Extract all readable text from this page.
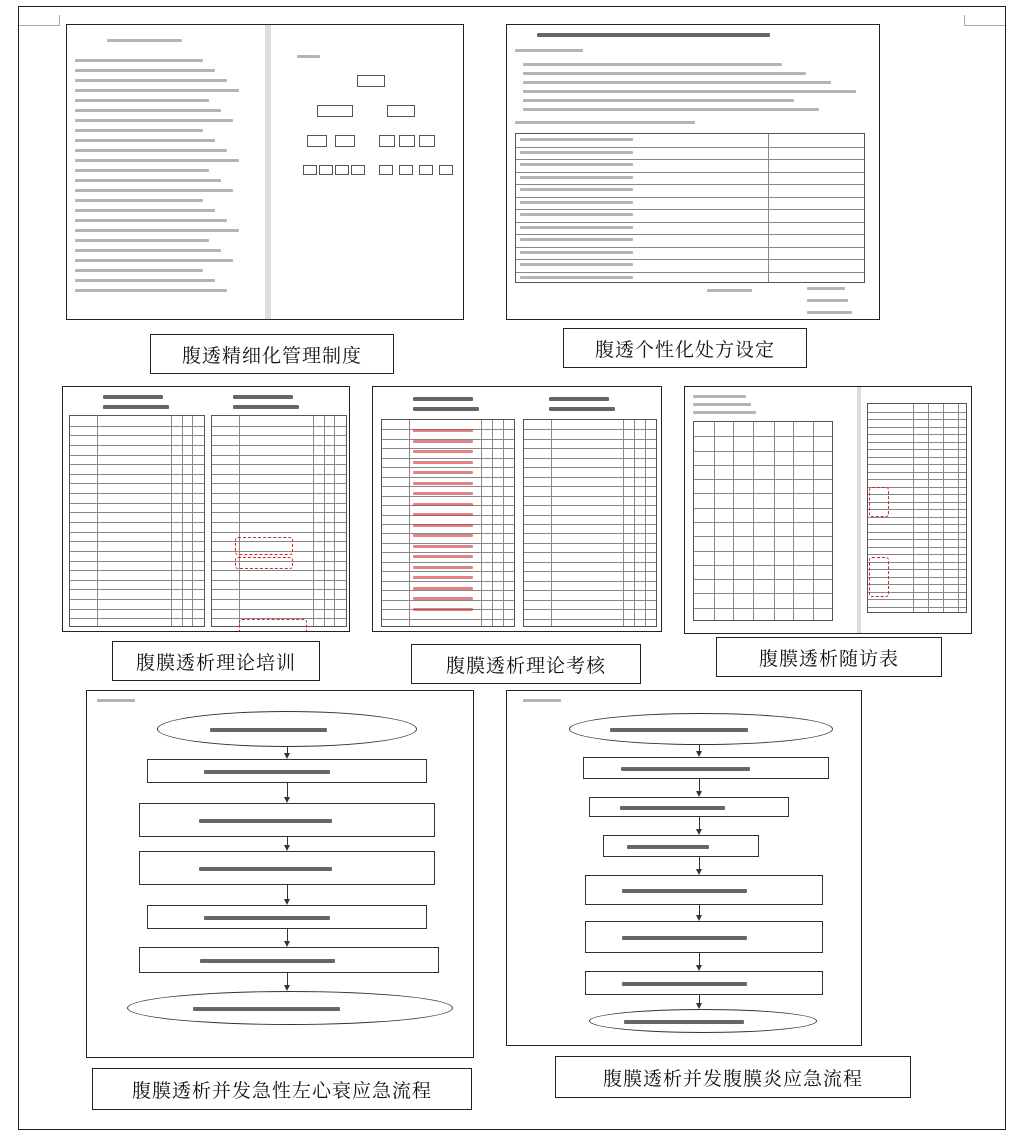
腹透精细化管理制度	腹透个性化处方设定
腹膜透析理论培训	腹膜透析理论考核	腹膜透析随访表
腹膜透析并发急性左心衰应急流程
腹膜透析并发腹膜炎应急流程
